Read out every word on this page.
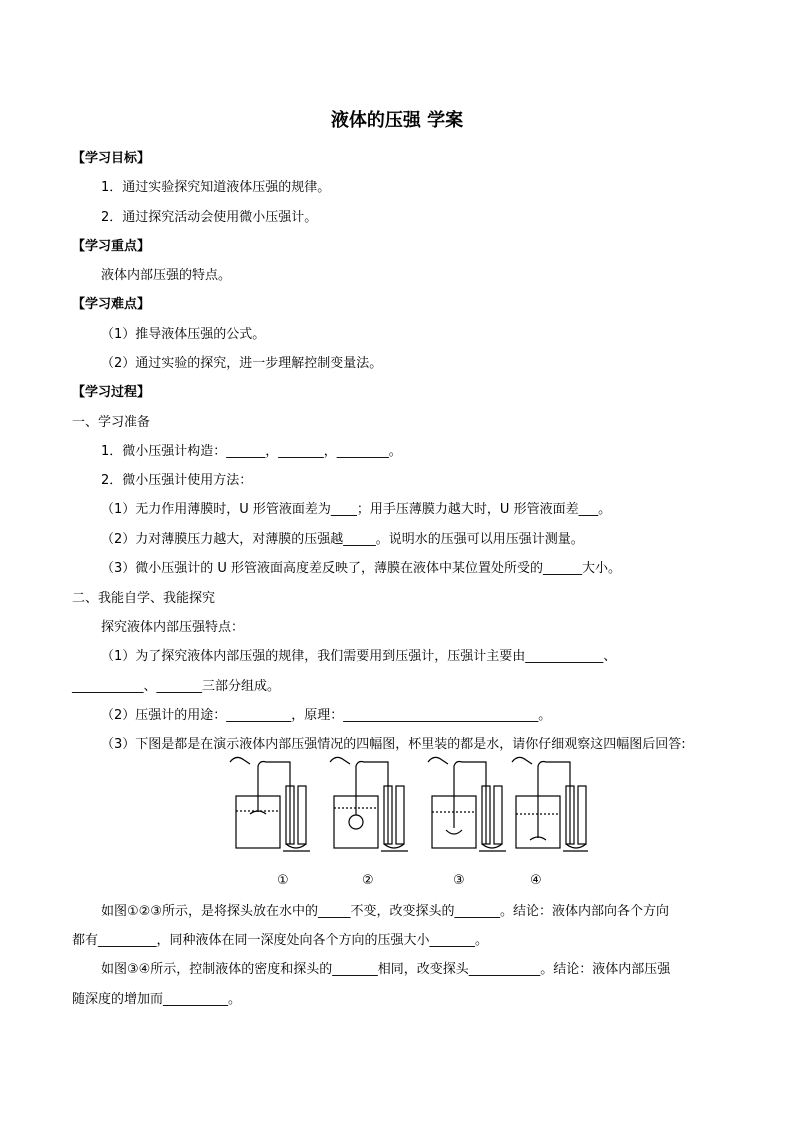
液体的压强 学案
【学习目标】
1．通过实验探究知道液体压强的规律。
2．通过探究活动会使用微小压强计。
【学习重点】
液体内部压强的特点。
【学习难点】
（1）推导液体压强的公式。
（2）通过实验的探究，进一步理解控制变量法。
【学习过程】
一、学习准备
1．微小压强计构造：______，_______，________。
2．微小压强计使用方法：
（1）无力作用薄膜时，U 形管液面差为____；用手压薄膜力越大时，U 形管液面差___。
（2）力对薄膜压力越大，对薄膜的压强越_____。说明水的压强可以用压强计测量。
（3）微小压强计的 U 形管液面高度差反映了，薄膜在液体中某位置处所受的______大小。
二、我能自学、我能探究
探究液体内部压强特点：
（1）为了探究液体内部压强的规律，我们需要用到压强计，压强计主要由____________、
___________、_______三部分组成。
（2）压强计的用途：__________，原理：______________________________。
（3）下图是都是在演示液体内部压强情况的四幅图，杯里装的都是水，请你仔细观察这四幅图后回答:
①	②	③	④
如图①②③所示，是将探头放在水中的_____不变，改变探头的_______。结论：液体内部向各个方向
都有_________，同种液体在同一深度处向各个方向的压强大小_______。
如图③④所示，控制液体的密度和探头的_______相同，改变探头___________。结论：液体内部压强
随深度的增加而__________。
